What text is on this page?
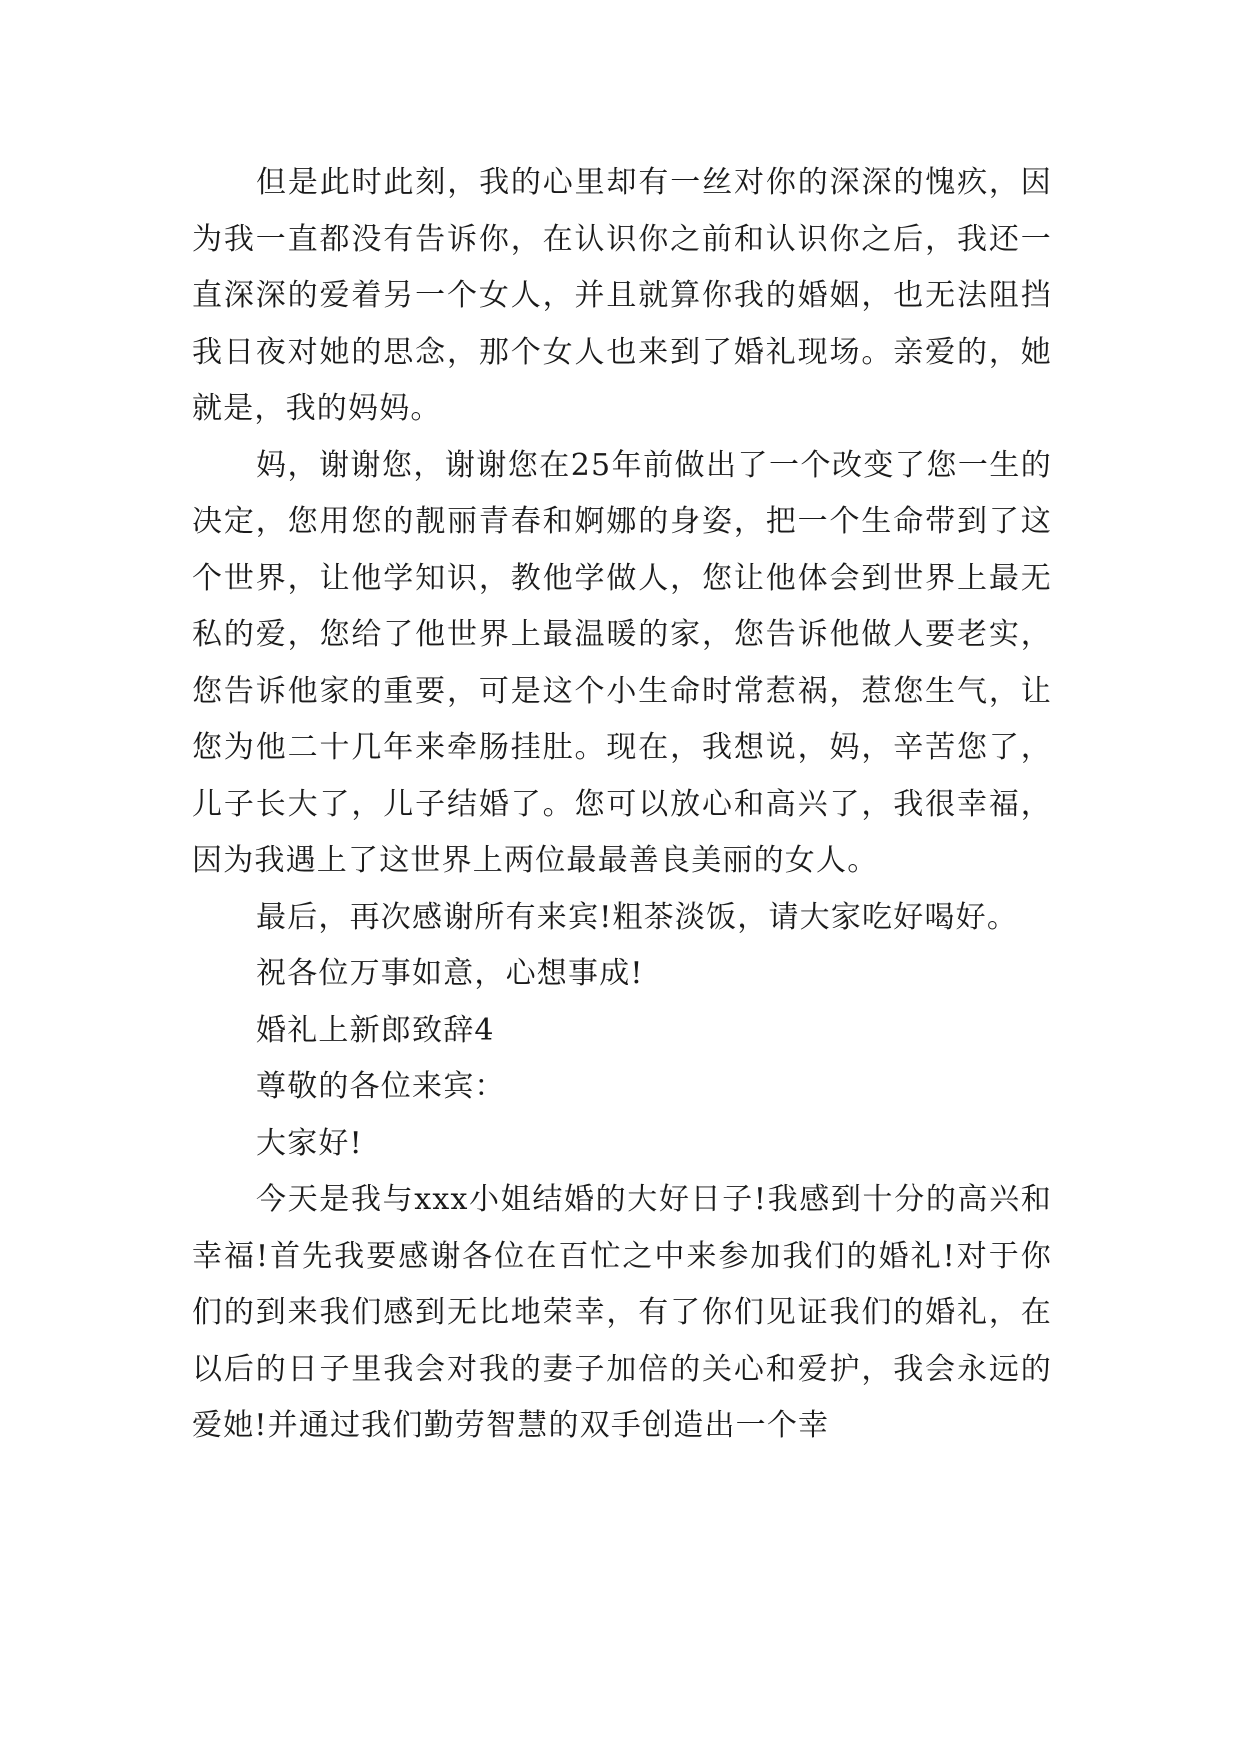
但是此时此刻，我的心里却有一丝对你的深深的愧疚，因为我一直都没有告诉你，在认识你之前和认识你之后，我还一直深深的爱着另一个女人，并且就算你我的婚姻，也无法阻挡我日夜对她的思念，那个女人也来到了婚礼现场。亲爱的，她就是，我的妈妈。

妈，谢谢您，谢谢您在25年前做出了一个改变了您一生的决定，您用您的靓丽青春和婀娜的身姿，把一个生命带到了这个世界，让他学知识，教他学做人，您让他体会到世界上最无私的爱，您给了他世界上最温暖的家，您告诉他做人要老实，您告诉他家的重要，可是这个小生命时常惹祸，惹您生气，让您为他二十几年来牵肠挂肚。现在，我想说，妈，辛苦您了，儿子长大了，儿子结婚了。您可以放心和高兴了，我很幸福，因为我遇上了这世界上两位最最善良美丽的女人。

最后，再次感谢所有来宾!粗茶淡饭，请大家吃好喝好。

祝各位万事如意，心想事成!

婚礼上新郎致辞4

尊敬的各位来宾：

大家好!

今天是我与xxx小姐结婚的大好日子!我感到十分的高兴和幸福!首先我要感谢各位在百忙之中来参加我们的婚礼!对于你们的到来我们感到无比地荣幸，有了你们见证我们的婚礼，在以后的日子里我会对我的妻子加倍的关心和爱护，我会永远的爱她!并通过我们勤劳智慧的双手创造出一个幸
